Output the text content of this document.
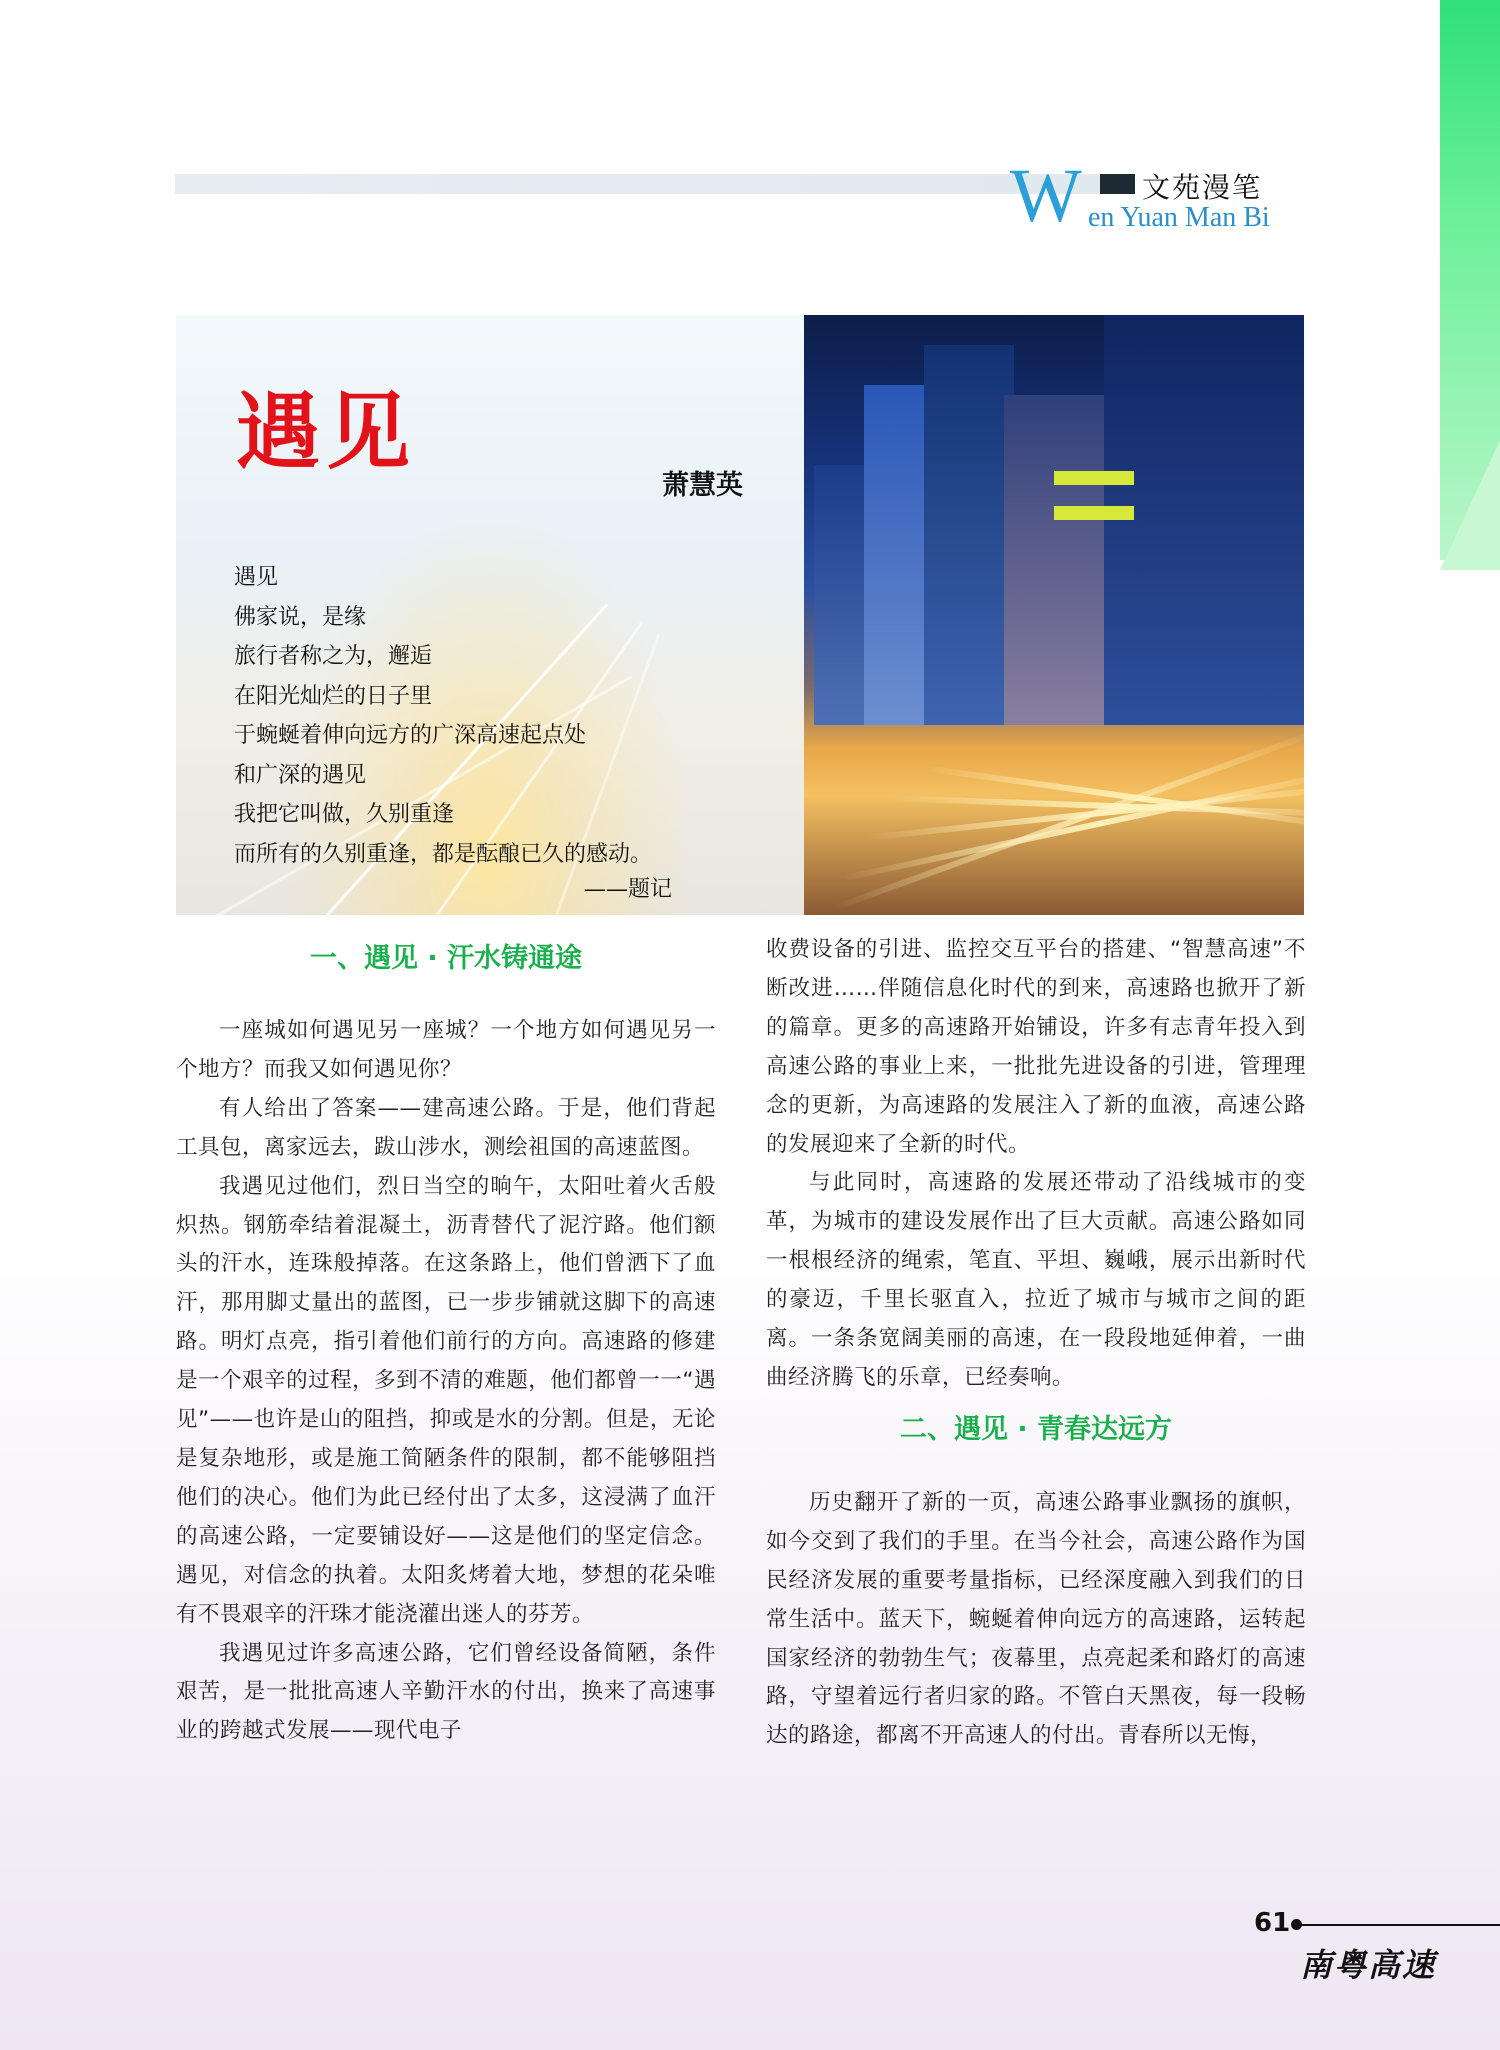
W 文苑漫笔
en Yuan Man Bi
遇见
萧慧英
遇见
佛家说，是缘
旅行者称之为，邂逅
在阳光灿烂的日子里
于蜿蜒着伸向远方的广深高速起点处
和广深的遇见
我把它叫做，久别重逢
而所有的久别重逢，都是酝酿已久的感动。
——题记
一、遇见 · 汗水铸通途

一座城如何遇见另一座城？一个地方如何遇见另一个地方？而我又如何遇见你？

有人给出了答案——建高速公路。于是，他们背起工具包，离家远去，跋山涉水，测绘祖国的高速蓝图。

我遇见过他们，烈日当空的晌午，太阳吐着火舌般炽热。钢筋牵结着混凝土，沥青替代了泥泞路。他们额头的汗水，连珠般掉落。在这条路上，他们曾洒下了血汗，那用脚丈量出的蓝图，已一步步铺就这脚下的高速路。明灯点亮，指引着他们前行的方向。高速路的修建是一个艰辛的过程，多到不清的难题，他们都曾一一“遇见”——也许是山的阻挡，抑或是水的分割。但是，无论是复杂地形，或是施工简陋条件的限制，都不能够阻挡他们的决心。他们为此已经付出了太多，这浸满了血汗的高速公路，一定要铺设好——这是他们的坚定信念。遇见，对信念的执着。太阳炙烤着大地，梦想的花朵唯有不畏艰辛的汗珠才能浇灌出迷人的芬芳。

我遇见过许多高速公路，它们曾经设备简陋，条件艰苦，是一批批高速人辛勤汗水的付出，换来了高速事业的跨越式发展——现代电子

收费设备的引进、监控交互平台的搭建、“智慧高速”不断改进……伴随信息化时代的到来，高速路也掀开了新的篇章。更多的高速路开始铺设，许多有志青年投入到高速公路的事业上来，一批批先进设备的引进，管理理念的更新，为高速路的发展注入了新的血液，高速公路的发展迎来了全新的时代。

与此同时，高速路的发展还带动了沿线城市的变革，为城市的建设发展作出了巨大贡献。高速公路如同一根根经济的绳索，笔直、平坦、巍峨，展示出新时代的豪迈，千里长驱直入，拉近了城市与城市之间的距离。一条条宽阔美丽的高速，在一段段地延伸着，一曲曲经济腾飞的乐章，已经奏响。

二、遇见 · 青春达远方

历史翻开了新的一页，高速公路事业飘扬的旗帜，如今交到了我们的手里。在当今社会，高速公路作为国民经济发展的重要考量指标，已经深度融入到我们的日常生活中。蓝天下，蜿蜒着伸向远方的高速路，运转起国家经济的勃勃生气；夜幕里，点亮起柔和路灯的高速路，守望着远行者归家的路。不管白天黑夜，每一段畅达的路途，都离不开高速人的付出。青春所以无悔，

61
南粤高速
